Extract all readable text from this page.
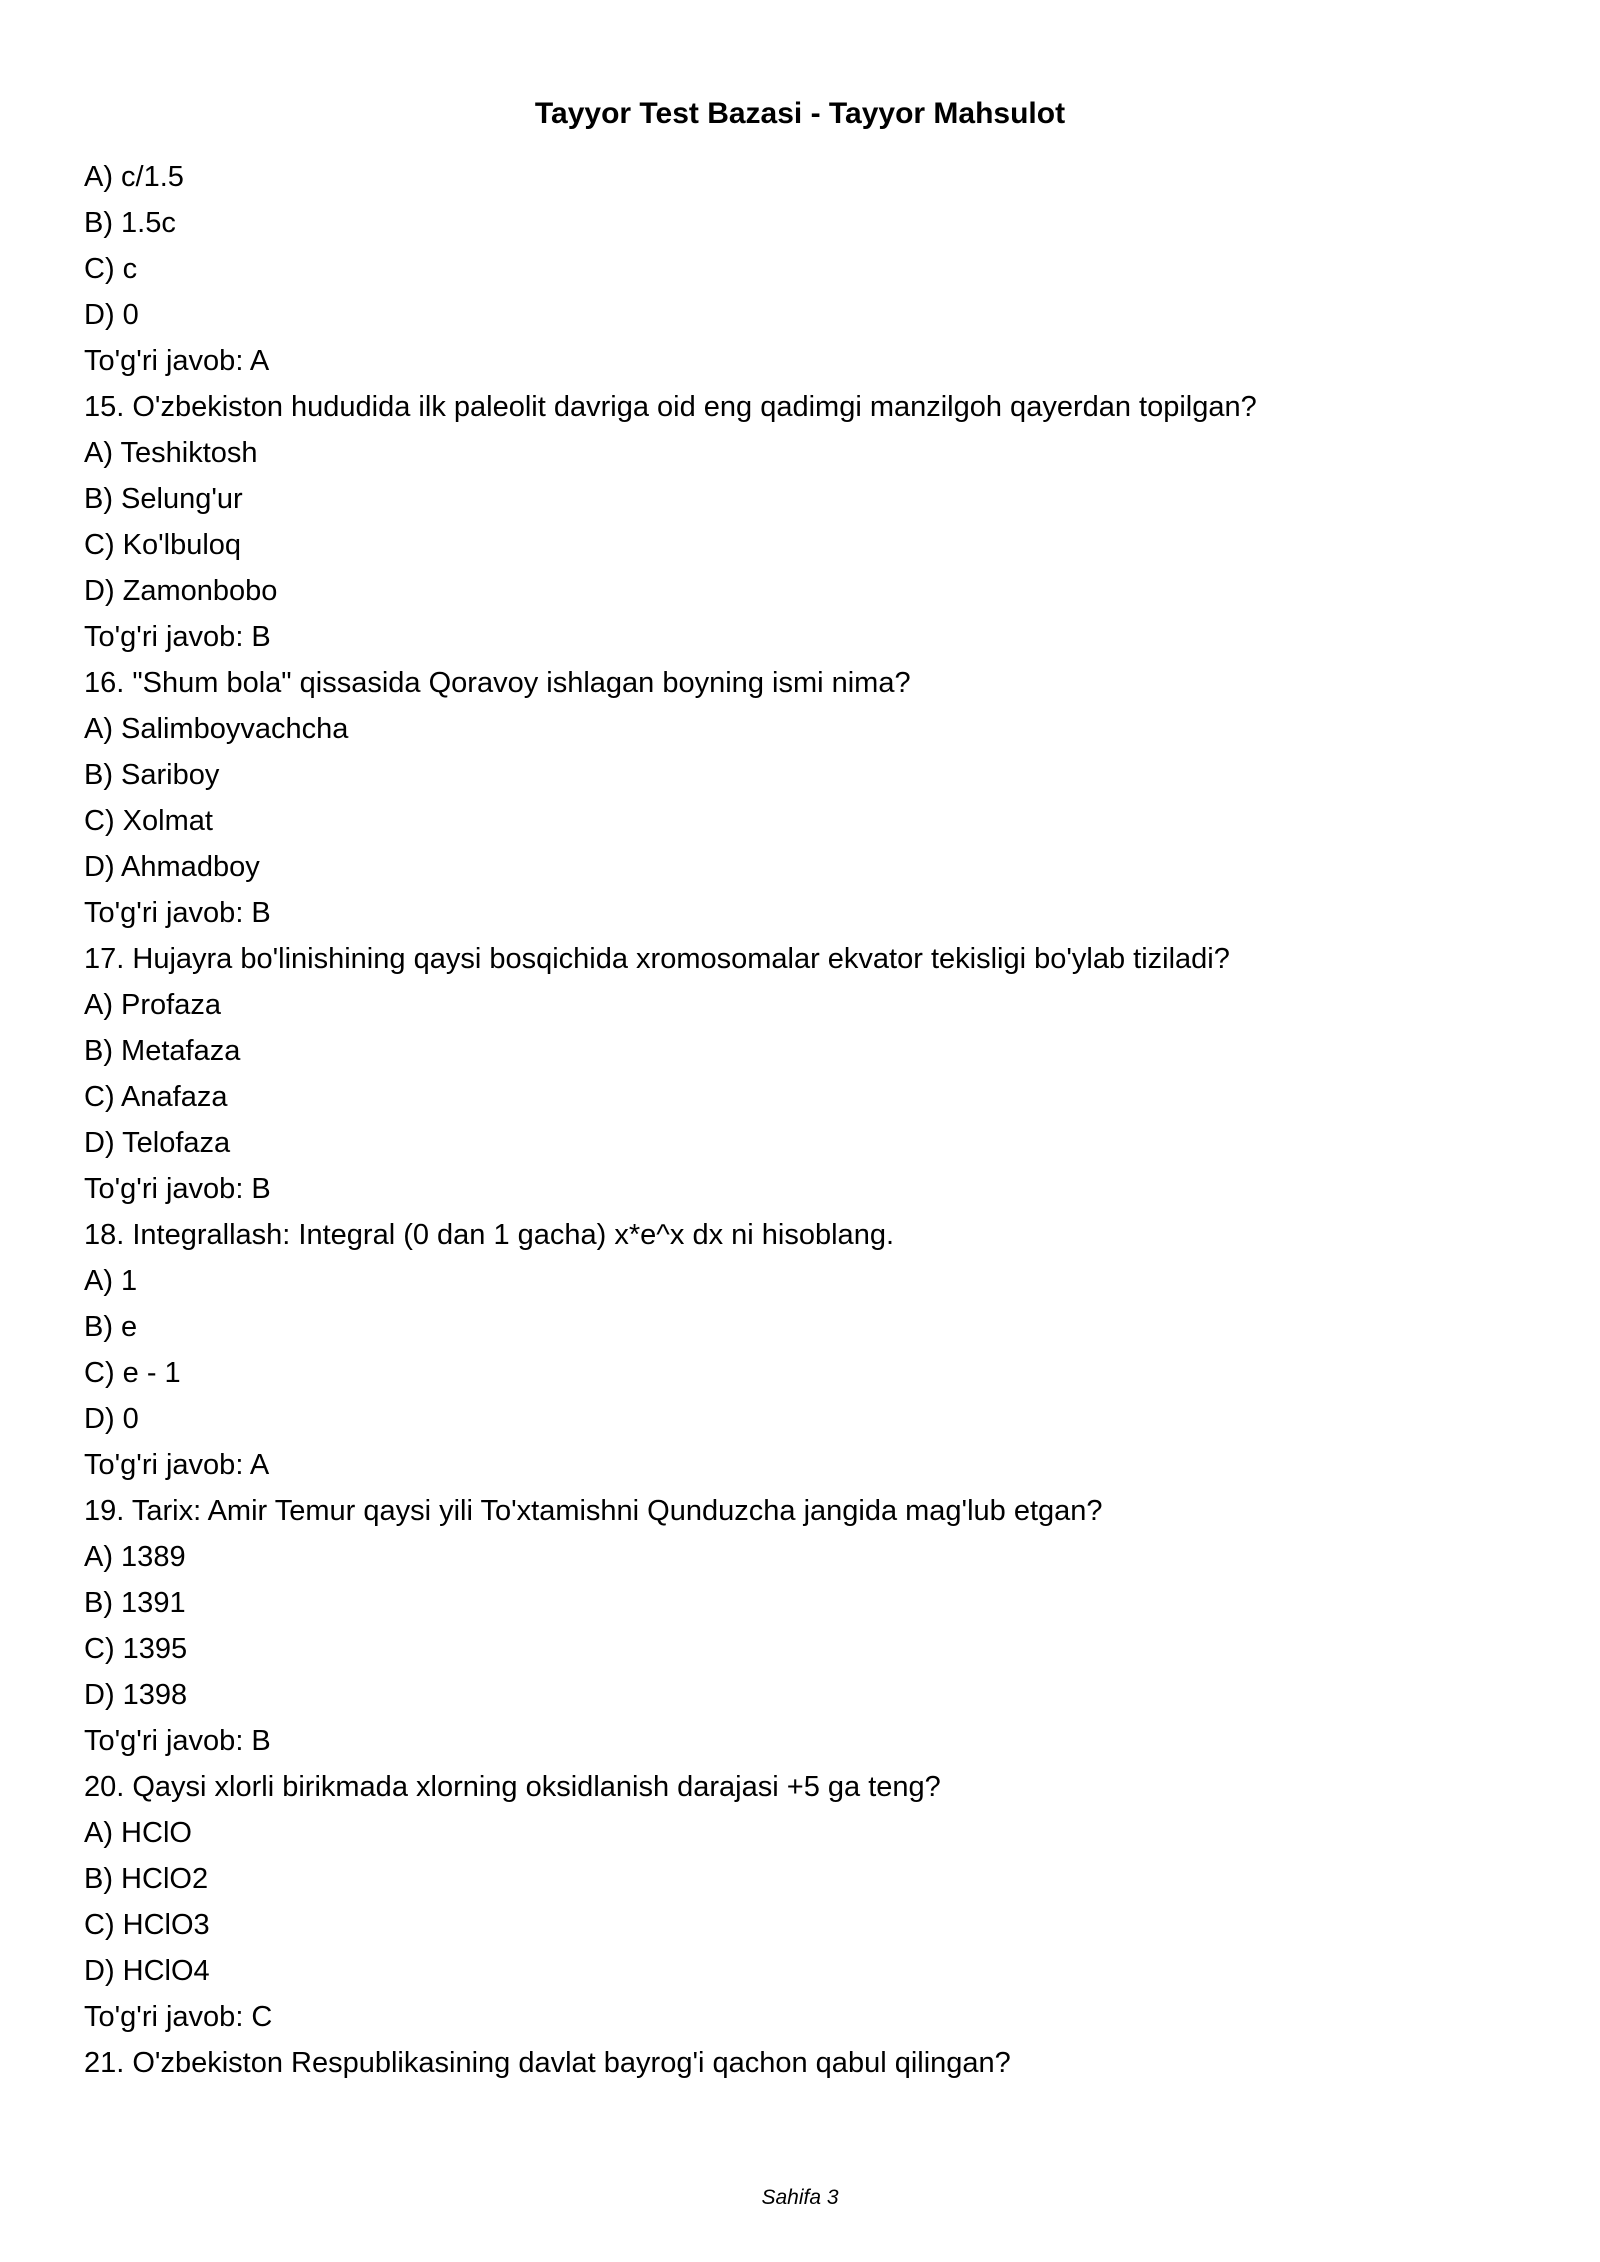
Tayyor Test Bazasi - Tayyor Mahsulot
A) c/1.5
B) 1.5c
C) c
D) 0
To'g'ri javob: A
15. O'zbekiston hududida ilk paleolit davriga oid eng qadimgi manzilgoh qayerdan topilgan?
A) Teshiktosh
B) Selung'ur
C) Ko'lbuloq
D) Zamonbobo
To'g'ri javob: B
16. "Shum bola" qissasida Qoravoy ishlagan boyning ismi nima?
A) Salimboyvachcha
B) Sariboy
C) Xolmat
D) Ahmadboy
To'g'ri javob: B
17. Hujayra bo'linishining qaysi bosqichida xromosomalar ekvator tekisligi bo'ylab tiziladi?
A) Profaza
B) Metafaza
C) Anafaza
D) Telofaza
To'g'ri javob: B
18. Integrallash: Integral (0 dan 1 gacha) x*e^x dx ni hisoblang.
A) 1
B) e
C) e - 1
D) 0
To'g'ri javob: A
19. Tarix: Amir Temur qaysi yili To'xtamishni Qunduzcha jangida mag'lub etgan?
A) 1389
B) 1391
C) 1395
D) 1398
To'g'ri javob: B
20. Qaysi xlorli birikmada xlorning oksidlanish darajasi +5 ga teng?
A) HClO
B) HClO2
C) HClO3
D) HClO4
To'g'ri javob: C
21. O'zbekiston Respublikasining davlat bayrog'i qachon qabul qilingan?
Sahifa 3
